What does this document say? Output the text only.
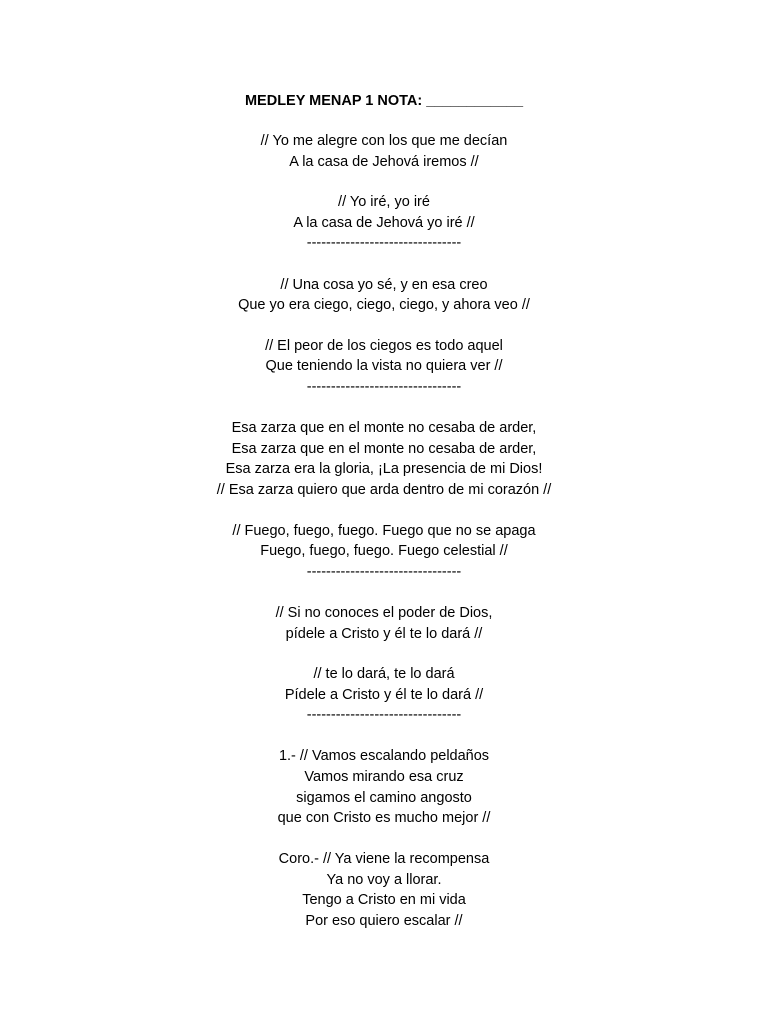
MEDLEY MENAP 1 NOTA: ____________
// Yo me alegre con los que me decían
A la casa de Jehová iremos //
// Yo iré, yo iré
A la casa de Jehová yo iré //
--------------------------------
// Una cosa yo sé, y en esa creo
Que yo era ciego, ciego, ciego, y ahora veo //
// El peor de los ciegos es todo aquel
Que teniendo la vista no quiera ver //
--------------------------------
Esa zarza que en el monte no cesaba de arder,
Esa zarza que en el monte no cesaba de arder,
Esa zarza era la gloria, ¡La presencia de mi Dios!
// Esa zarza quiero que arda dentro de mi corazón //
// Fuego, fuego, fuego. Fuego que no se apaga
Fuego, fuego, fuego. Fuego celestial //
--------------------------------
// Si no conoces el poder de Dios,
pídele a Cristo y él te lo dará //
// te lo dará, te lo dará
Pídele a Cristo y él te lo dará //
--------------------------------
1.- // Vamos escalando peldaños
Vamos mirando esa cruz
sigamos el camino angosto
que con Cristo es mucho mejor //
Coro.- // Ya viene la recompensa
Ya no voy a llorar.
Tengo a Cristo en mi vida
Por eso quiero escalar //
